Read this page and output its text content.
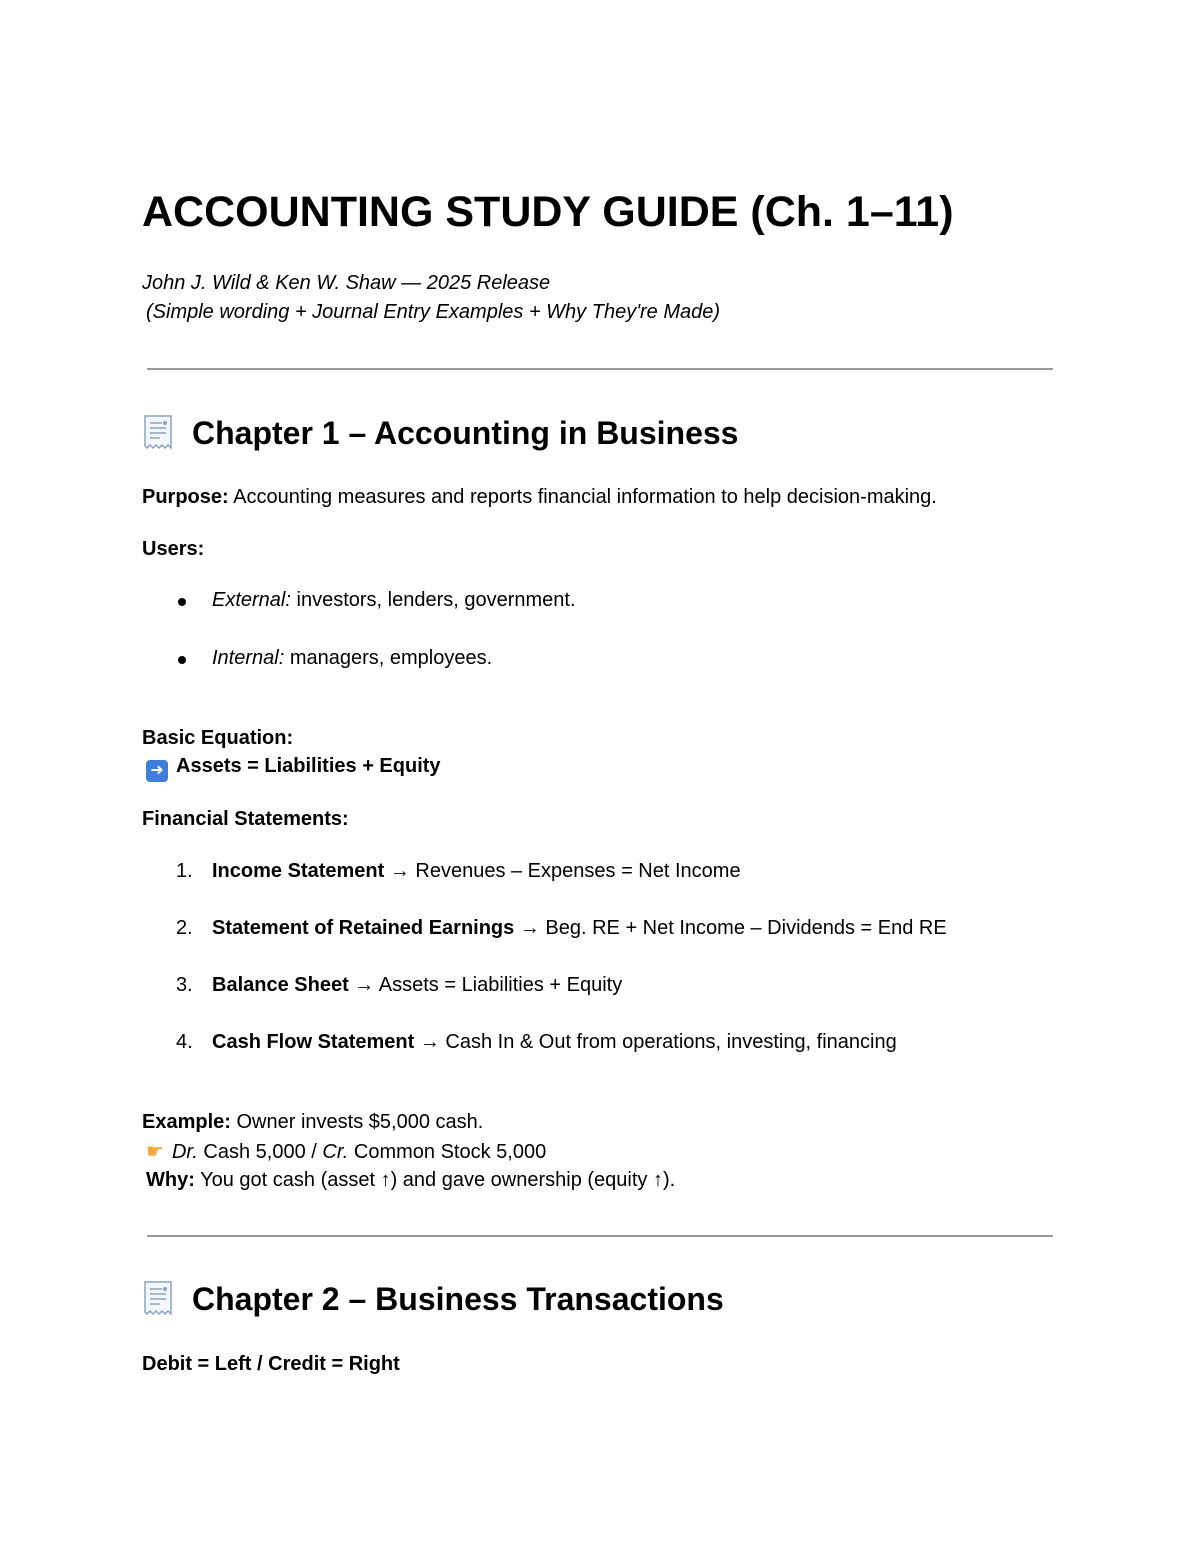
ACCOUNTING STUDY GUIDE (Ch. 1–11)
John J. Wild & Ken W. Shaw — 2025 Release
(Simple wording + Journal Entry Examples + Why They're Made)
Chapter 1 – Accounting in Business
Purpose: Accounting measures and reports financial information to help decision-making.
Users:
External: investors, lenders, government.
Internal: managers, employees.
Basic Equation:
➜ Assets = Liabilities + Equity
Financial Statements:
1. Income Statement → Revenues – Expenses = Net Income
2. Statement of Retained Earnings → Beg. RE + Net Income – Dividends = End RE
3. Balance Sheet → Assets = Liabilities + Equity
4. Cash Flow Statement → Cash In & Out from operations, investing, financing
Example: Owner invests $5,000 cash.
☛ Dr. Cash 5,000 / Cr. Common Stock 5,000
Why: You got cash (asset ↑) and gave ownership (equity ↑).
Chapter 2 – Business Transactions
Debit = Left / Credit = Right
